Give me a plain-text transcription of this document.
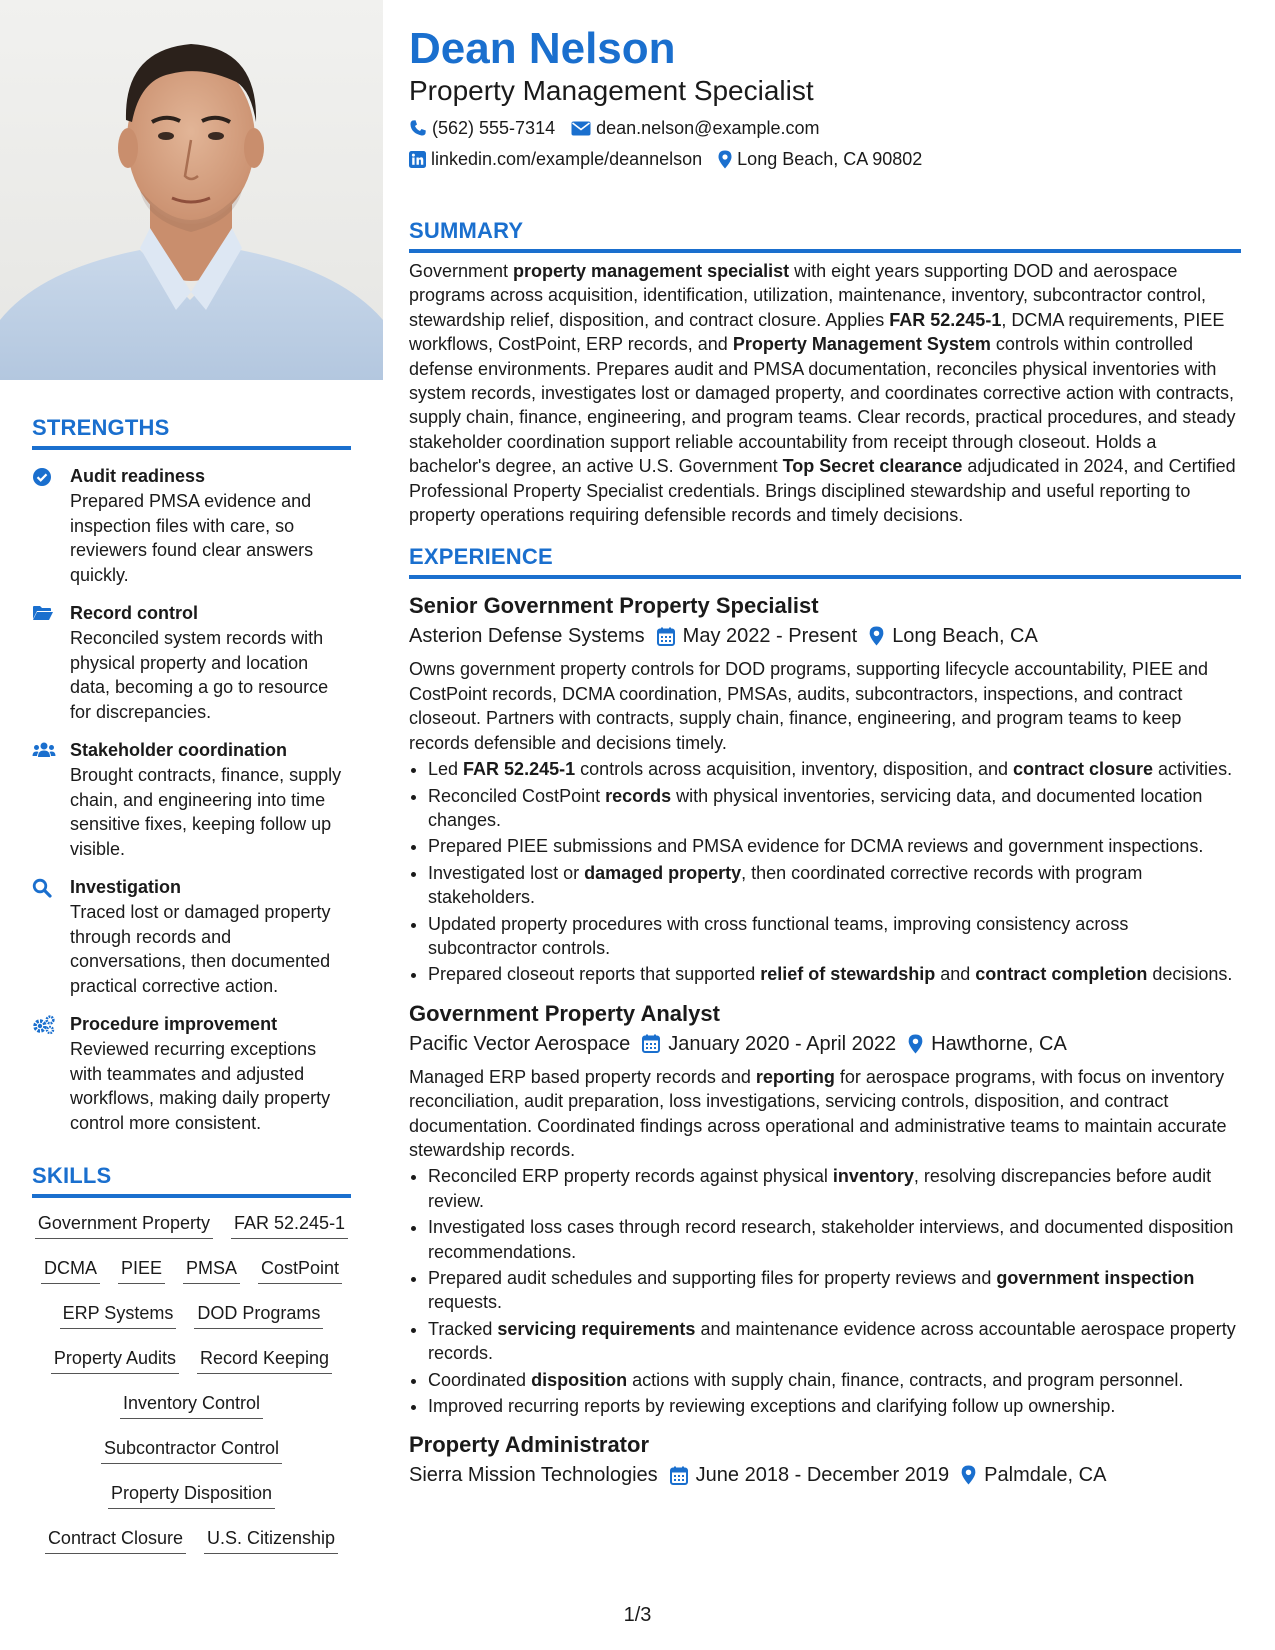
STRENGTHS
Audit readiness
Prepared PMSA evidence and inspection files with care, so reviewers found clear answers quickly.
Record control
Reconciled system records with physical property and location data, becoming a go to resource for discrepancies.
Stakeholder coordination
Brought contracts, finance, supply chain, and engineering into time sensitive fixes, keeping follow up visible.
Investigation
Traced lost or damaged property through records and conversations, then documented practical corrective action.
Procedure improvement
Reviewed recurring exceptions with teammates and adjusted workflows, making daily property control more consistent.
SKILLS
Government Property FAR 52.245-1
DCMA PIEE PMSA CostPoint
ERP Systems DOD Programs
Property Audits Record Keeping
Inventory Control
Subcontractor Control
Property Disposition
Contract Closure U.S. Citizenship
Dean Nelson
Property Management Specialist
(562) 555-7314 dean.nelson@example.com
linkedin.com/example/deannelson Long Beach, CA 90802
SUMMARY
Government property management specialist with eight years supporting DOD and aerospace programs across acquisition, identification, utilization, maintenance, inventory, subcontractor control, stewardship relief, disposition, and contract closure. Applies FAR 52.245-1, DCMA requirements, PIEE workflows, CostPoint, ERP records, and Property Management System controls within controlled defense environments. Prepares audit and PMSA documentation, reconciles physical inventories with system records, investigates lost or damaged property, and coordinates corrective action with contracts, supply chain, finance, engineering, and program teams. Clear records, practical procedures, and steady stakeholder coordination support reliable accountability from receipt through closeout. Holds a bachelor's degree, an active U.S. Government Top Secret clearance adjudicated in 2024, and Certified Professional Property Specialist credentials. Brings disciplined stewardship and useful reporting to property operations requiring defensible records and timely decisions.
EXPERIENCE
Senior Government Property Specialist
Asterion Defense Systems May 2022 - Present Long Beach, CA
Owns government property controls for DOD programs, supporting lifecycle accountability, PIEE and CostPoint records, DCMA coordination, PMSAs, audits, subcontractors, inspections, and contract closeout. Partners with contracts, supply chain, finance, engineering, and program teams to keep records defensible and decisions timely.
• Led FAR 52.245-1 controls across acquisition, inventory, disposition, and contract closure activities.
• Reconciled CostPoint records with physical inventories, servicing data, and documented location changes.
• Prepared PIEE submissions and PMSA evidence for DCMA reviews and government inspections.
• Investigated lost or damaged property, then coordinated corrective records with program stakeholders.
• Updated property procedures with cross functional teams, improving consistency across subcontractor controls.
• Prepared closeout reports that supported relief of stewardship and contract completion decisions.
Government Property Analyst
Pacific Vector Aerospace January 2020 - April 2022 Hawthorne, CA
Managed ERP based property records and reporting for aerospace programs, with focus on inventory reconciliation, audit preparation, loss investigations, servicing controls, disposition, and contract documentation. Coordinated findings across operational and administrative teams to maintain accurate stewardship records.
• Reconciled ERP property records against physical inventory, resolving discrepancies before audit review.
• Investigated loss cases through record research, stakeholder interviews, and documented disposition recommendations.
• Prepared audit schedules and supporting files for property reviews and government inspection requests.
• Tracked servicing requirements and maintenance evidence across accountable aerospace property records.
• Coordinated disposition actions with supply chain, finance, contracts, and program personnel.
• Improved recurring reports by reviewing exceptions and clarifying follow up ownership.
Property Administrator
Sierra Mission Technologies June 2018 - December 2019 Palmdale, CA
1/3
